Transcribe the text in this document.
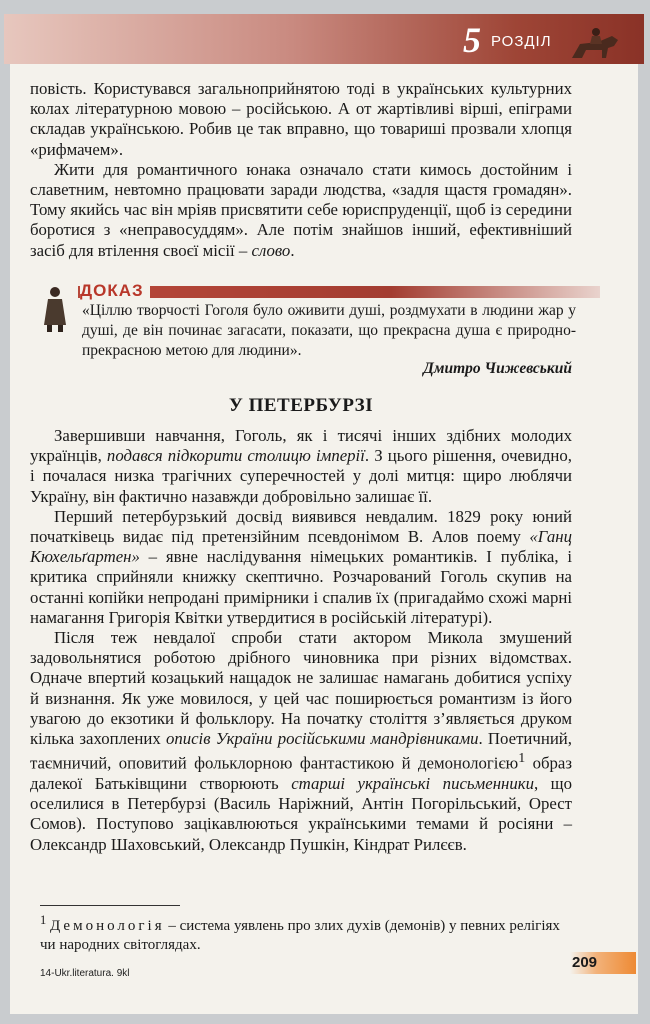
5 РОЗДІЛ

повість. Користувався загальноприйнятою тоді в українських культурних колах літературною мовою – російською. А от жартівливі вірші, епіграми складав українською. Робив це так вправно, що товариші прозвали хлопця «рифмачем».

Жити для романтичного юнака означало стати кимось достойним і славетним, невтомно працювати заради людства, «задля щастя громадян». Тому якийсь час він мріяв присвятити себе юриспруденції, щоб із середини боротися з «неправосуддям». Але потім знайшов інший, ефективніший засіб для втілення своєї місії – слово.

ДОКАЗ
«Ціллю творчості Гоголя було оживити душі, роздмухати в людини жар у душі, де він починає загасати, показати, що прекрасна душа є природно-прекрасною метою для людини».
Дмитро Чижевський
У ПЕТЕРБУРЗІ

Завершивши навчання, Гоголь, як і тисячі інших здібних молодих українців, подався підкорити столицю імперії. З цього рішення, очевидно, і почалася низка трагічних суперечностей у долі митця: щиро люблячи Україну, він фактично назавжди добровільно залишає її.

Перший петербурзький досвід виявився невдалим. 1829 року юний початківець видає під претензійним псевдонімом В. Алов поему «Ганц Кюхельґартен» – явне наслідування німецьких романтиків. І публіка, і критика сприйняли книжку скептично. Розчарований Гоголь скупив на останні копійки непродані примірники і спалив їх (пригадаймо схожі марні намагання Григорія Квітки утвердитися в російській літературі).

Після теж невдалої спроби стати актором Микола змушений задовольнятися роботою дрібного чиновника при різних відомствах. Одначе впертий козацький нащадок не залишає намагань добитися успіху й визнання. Як уже мовилося, у цей час поширюється романтизм із його увагою до екзотики й фольклору. На початку століття з’являється друком кілька захоплених описів України російськими мандрівниками. Поетичний, таємничий, оповитий фольклорною фантастикою й демонологією$^1$ образ далекої Батьківщини створюють старші українські письменники, що оселилися в Петербурзі (Василь Наріжний, Антін Погорільський, Орест Сомов). Поступово зацікавлюються українськими темами й росіяни – Олександр Шаховський, Олександр Пушкін, Кіндрат Рилєєв.

$^1$ Демонологія – система уявлень про злих духів (демонів) у певних релігіях чи народних світоглядах.
14-Ukr.literatura. 9kl
209
